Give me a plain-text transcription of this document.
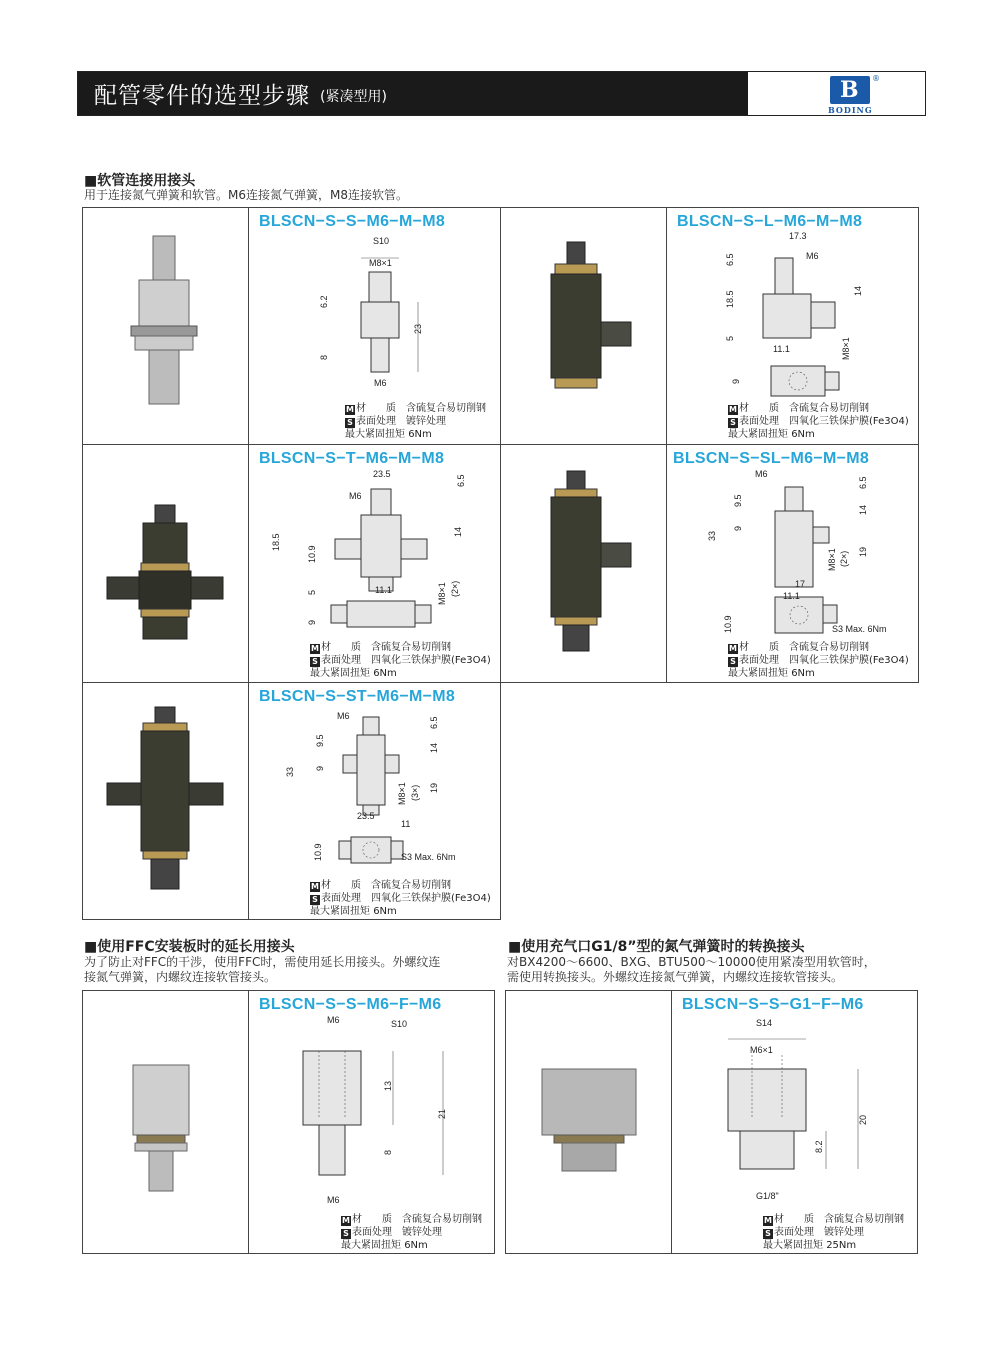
配管零件的选型步骤 (紧凑型用)	B ®
BODING
■软管连接用接头
用于连接氮气弹簧和软管。M6连接氮气弹簧，M8连接软管。
BLSCN−S−S−M6−M−M8
S10
M8×1
6.2
23
8
M6
M 材　　质　 含硫复合易切削钢
S 表面处理　 镀锌处理
最大紧固扭矩 6Nm
BLSCN−S−L−M6−M−M8
17.3
M6
6.5
18.5
5
14
M8×1
11.1
9
M 材　　质　 含硫复合易切削钢
S 表面处理　 四氧化三铁保护膜(Fe3O4)
最大紧固扭矩 6Nm
BLSCN−S−T−M6−M−M8
23.5
6.5
M6
18.5
10.9
5
14
11.1	M8×1 (2×)
9
M 材　　质　 含硫复合易切削钢
S 表面处理　 四氧化三铁保护膜(Fe3O4)
最大紧固扭矩 6Nm
BLSCN−S−SL−M6−M−M8
M6
6.5
9.5
9
33
14
M8×1 (2×) 19
17
11.1
10.9	S3 Max. 6Nm
M 材　　质　 含硫复合易切削钢
S 表面处理　 四氧化三铁保护膜(Fe3O4)
最大紧固扭矩 6Nm
BLSCN−S−ST−M6−M−M8
M6
6.5
9.5
9
33
14
M8×1 (3×) 19
23.5
11
10.9	S3 Max. 6Nm
M 材　　质　 含硫复合易切削钢
S 表面处理　 四氧化三铁保护膜(Fe3O4)
最大紧固扭矩 6Nm
■使用FFC安装板时的延长用接头
为了防止对FFC的干涉，使用FFC时，需使用延长用接头。外螺纹连
接氮气弹簧，内螺纹连接软管接头。
■使用充气口G1/8”型的氮气弹簧时的转换接头
对BX4200〜6600、BXG、BTU500〜10000使用紧凑型用软管时，
需使用转换接头。外螺纹连接氮气弹簧，内螺纹连接软管接头。
BLSCN−S−S−M6−F−M6
M6	S10
13
21
8
M6
M 材　　质　 含硫复合易切削钢
S 表面处理　 镀锌处理
最大紧固扭矩 6Nm
BLSCN−S−S−G1−F−M6
S14
M6×1
20
8.2
G1/8"
M 材　　质　 含硫复合易切削钢
S 表面处理　 镀锌处理
最大紧固扭矩 25Nm
